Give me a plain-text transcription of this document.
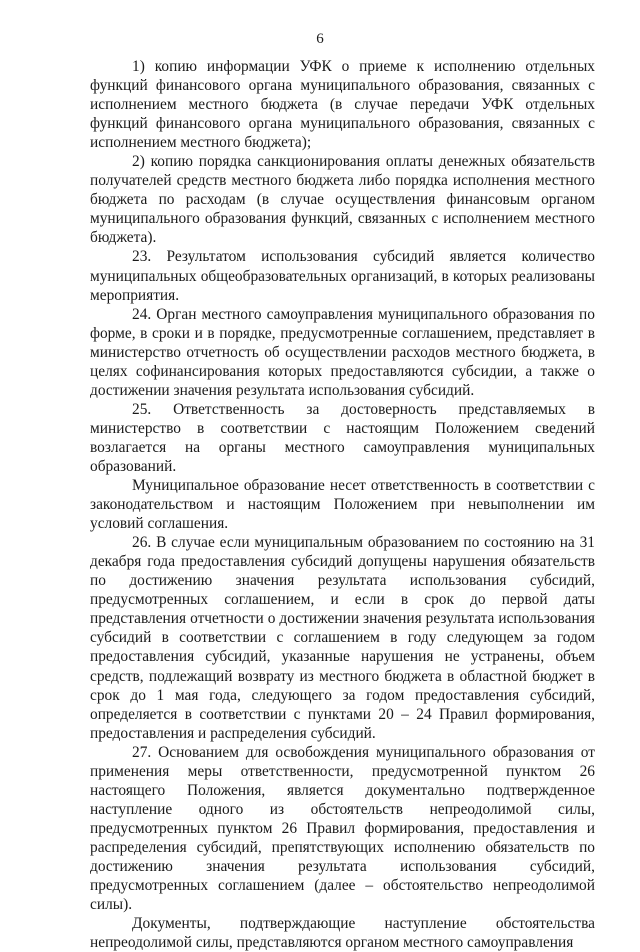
6

1) копию информации УФК о приеме к исполнению отдельных функций финансового органа муниципального образования, связанных с исполнением местного бюджета (в случае передачи УФК отдельных функций финансового органа муниципального образования, связанных с исполнением местного бюджета);

2) копию порядка санкционирования оплаты денежных обязательств получателей средств местного бюджета либо порядка исполнения местного бюджета по расходам (в случае осуществления финансовым органом муниципального образования функций, связанных с исполнением местного бюджета).

23. Результатом использования субсидий является количество муниципальных общеобразовательных организаций, в которых реализованы мероприятия.

24. Орган местного самоуправления муниципального образования по форме, в сроки и в порядке, предусмотренные соглашением, представляет в министерство отчетность об осуществлении расходов местного бюджета, в целях софинансирования которых предоставляются субсидии, а также о достижении значения результата использования субсидий.

25. Ответственность за достоверность представляемых в министерство в соответствии с настоящим Положением сведений возлагается на органы местного самоуправления муниципальных образований.

Муниципальное образование несет ответственность в соответствии с законодательством и настоящим Положением при невыполнении им условий соглашения.

26. В случае если муниципальным образованием по состоянию на 31 декабря года предоставления субсидий допущены нарушения обязательств по достижению значения результата использования субсидий, предусмотренных соглашением, и если в срок до первой даты представления отчетности о достижении значения результата использования субсидий в соответствии с соглашением в году следующем за годом предоставления субсидий, указанные нарушения не устранены, объем средств, подлежащий возврату из местного бюджета в областной бюджет в срок до 1 мая года, следующего за годом предоставления субсидий, определяется в соответствии с пунктами 20 – 24 Правил формирования, предоставления и распределения субсидий.

27. Основанием для освобождения муниципального образования от применения меры ответственности, предусмотренной пунктом 26 настоящего Положения, является документально подтвержденное наступление одного из обстоятельств непреодолимой силы, предусмотренных пунктом 26 Правил формирования, предоставления и распределения субсидий, препятствующих исполнению обязательств по достижению значения результата использования субсидий, предусмотренных соглашением (далее – обстоятельство непреодолимой силы).

Документы, подтверждающие наступление обстоятельства непреодолимой силы, представляются органом местного самоуправления
